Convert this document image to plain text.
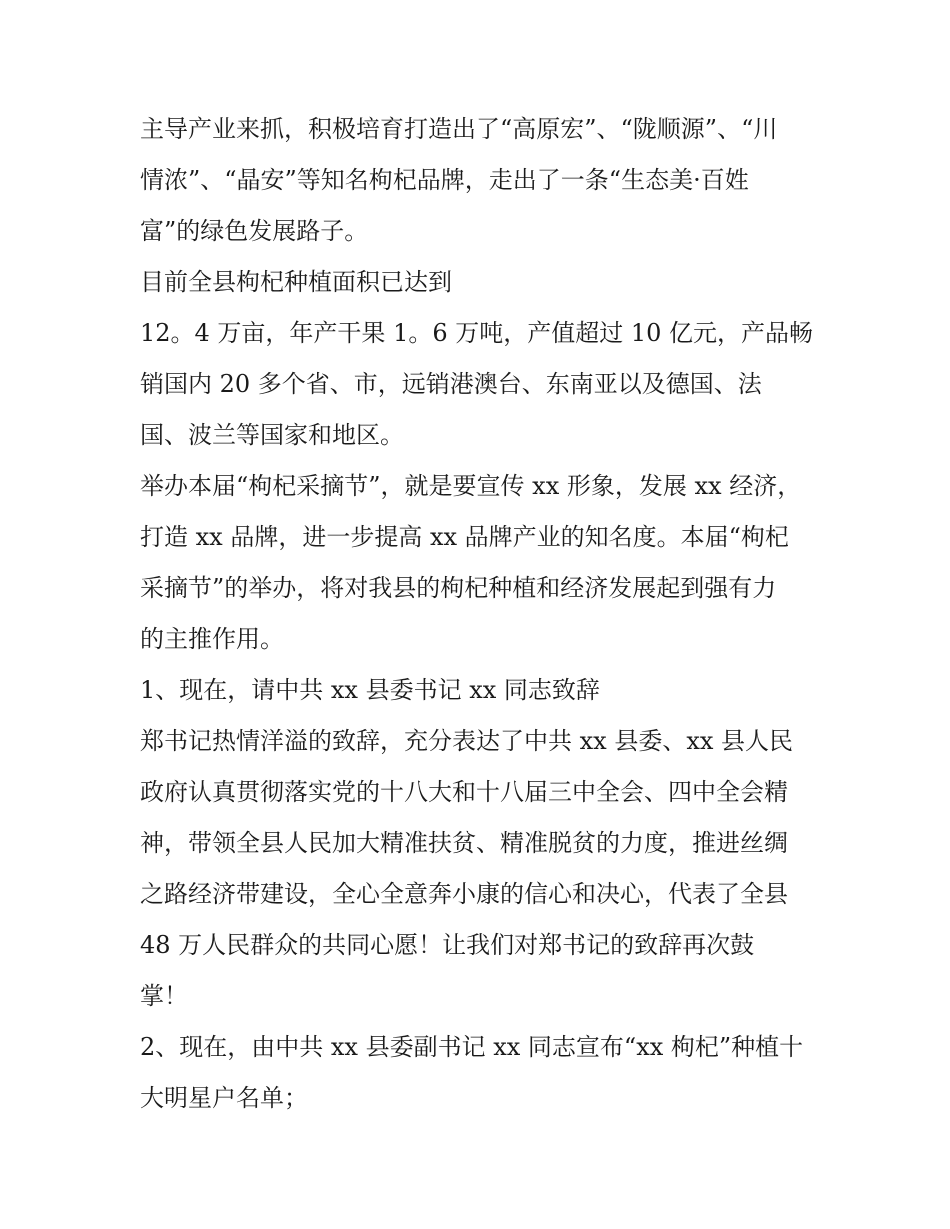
主导产业来抓，积极培育打造出了“高原宏”、“陇顺源”、“川
情浓”、“晶安”等知名枸杞品牌，走出了一条“生态美·百姓
富”的绿色发展路子。
目前全县枸杞种植面积已达到
12。4 万亩，年产干果 1。6 万吨，产值超过 10 亿元，产品畅
销国内 20 多个省、市，远销港澳台、东南亚以及德国、法
国、波兰等国家和地区。
举办本届“枸杞采摘节”，就是要宣传 xx 形象，发展 xx 经济，
打造 xx 品牌，进一步提高 xx 品牌产业的知名度。本届“枸杞
采摘节”的举办，将对我县的枸杞种植和经济发展起到强有力
的主推作用。
1、现在，请中共 xx 县委书记 xx 同志致辞
郑书记热情洋溢的致辞，充分表达了中共 xx 县委、xx 县人民
政府认真贯彻落实党的十八大和十八届三中全会、四中全会精
神，带领全县人民加大精准扶贫、精准脱贫的力度，推进丝绸
之路经济带建设，全心全意奔小康的信心和决心，代表了全县
48 万人民群众的共同心愿！让我们对郑书记的致辞再次鼓
掌！
2、现在，由中共 xx 县委副书记 xx 同志宣布“xx 枸杞”种植十
大明星户名单；
